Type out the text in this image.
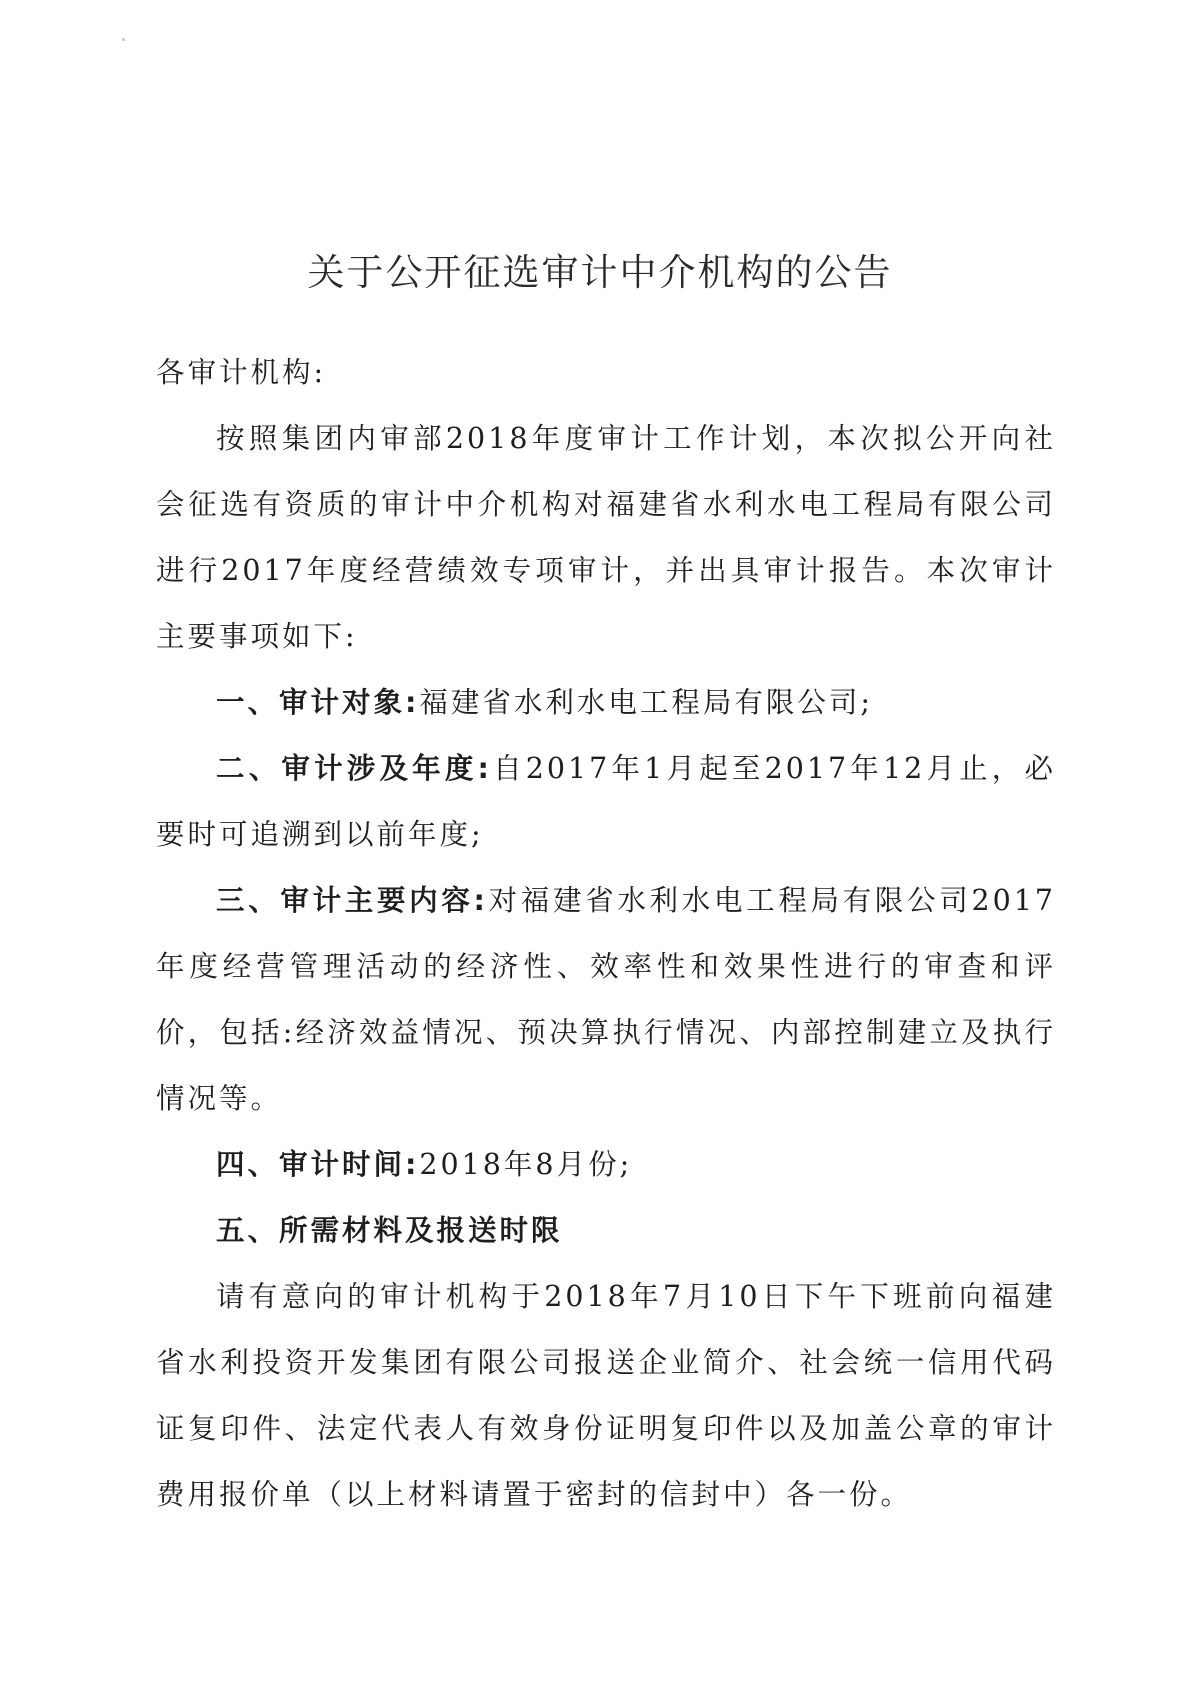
关于公开征选审计中介机构的公告

各审计机构:

按照集团内审部2018年度审计工作计划，本次拟公开向社会征选有资质的审计中介机构对福建省水利水电工程局有限公司进行2017年度经营绩效专项审计，并出具审计报告。本次审计主要事项如下:

一、审计对象:福建省水利水电工程局有限公司;

二、审计涉及年度:自2017年1月起至2017年12月止，必要时可追溯到以前年度;

三、审计主要内容:对福建省水利水电工程局有限公司2017年度经营管理活动的经济性、效率性和效果性进行的审查和评价，包括:经济效益情况、预决算执行情况、内部控制建立及执行情况等。

四、审计时间:2018年8月份;

五、所需材料及报送时限

请有意向的审计机构于2018年7月10日下午下班前向福建省水利投资开发集团有限公司报送企业简介、社会统一信用代码证复印件、法定代表人有效身份证明复印件以及加盖公章的审计费用报价单（以上材料请置于密封的信封中）各一份。
